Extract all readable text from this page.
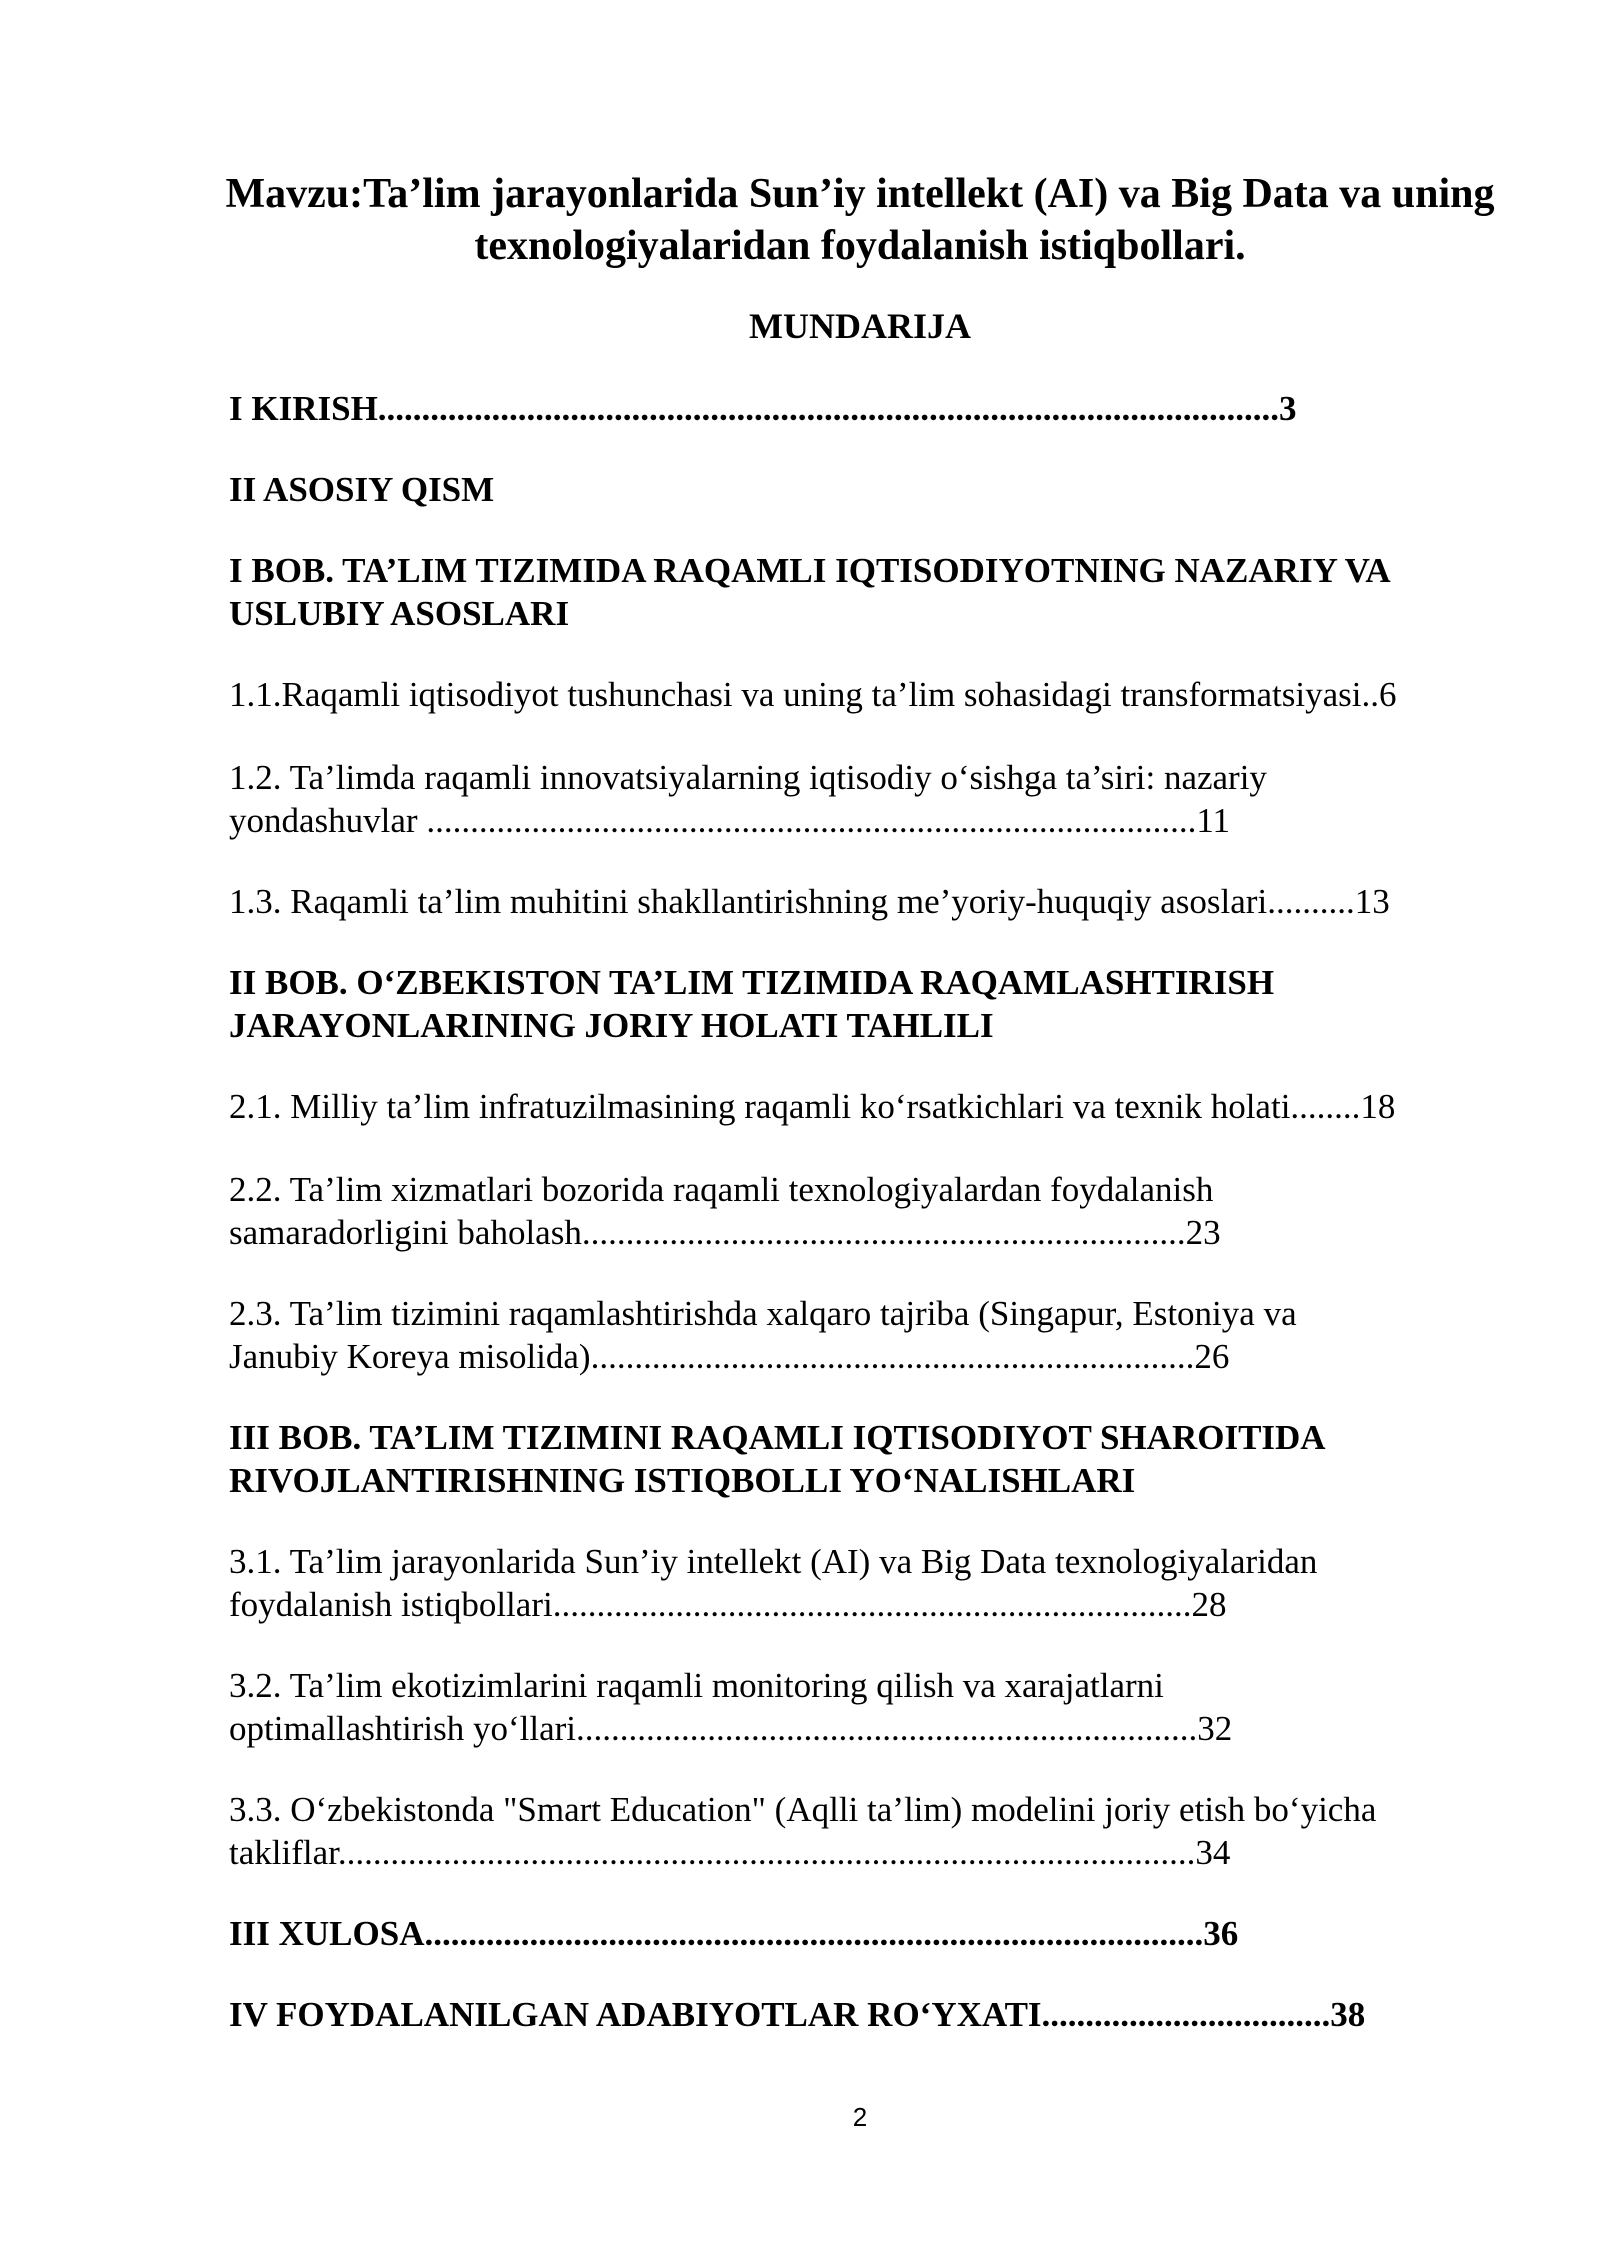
Mavzu:Ta’lim jarayonlarida Sun’iy intellekt (AI) va Big Data va uning texnologiyalaridan foydalanish istiqbollari.
MUNDARIJA

I KIRISH.......................................................................................................3

II ASOSIY QISM

I BOB. TA’LIM TIZIMIDA RAQAMLI IQTISODIYOTNING NAZARIY VA USLUBIY ASOSLARI

1.1.Raqamli iqtisodiyot tushunchasi va uning ta’lim sohasidagi transformatsiyasi..6

1.2. Ta’limda raqamli innovatsiyalarning iqtisodiy o‘sishga ta’siri: nazariy

yondashuvlar ........................................................................................11

1.3. Raqamli ta’lim muhitini shakllantirishning me’yoriy-huquqiy asoslari..........13

II BOB. O‘ZBEKISTON TA’LIM TIZIMIDA RAQAMLASHTIRISH JARAYONLARINING JORIY HOLATI TAHLILI

2.1. Milliy ta’lim infratuzilmasining raqamli ko‘rsatkichlari va texnik holati........18

2.2. Ta’lim xizmatlari bozorida raqamli texnologiyalardan foydalanish

samaradorligini baholash.....................................................................23

2.3. Ta’lim tizimini raqamlashtirishda xalqaro tajriba (Singapur, Estoniya va

Janubiy Koreya misolida).....................................................................26

III BOB. TA’LIM TIZIMINI RAQAMLI IQTISODIYOT SHAROITIDA RIVOJLANTIRISHNING ISTIQBOLLI YO‘NALISHLARI

3.1. Ta’lim jarayonlarida Sun’iy intellekt (AI) va Big Data texnologiyalaridan

foydalanish istiqbollari.........................................................................28

3.2. Ta’lim ekotizimlarini raqamli monitoring qilish va xarajatlarni

optimallashtirish yo‘llari.......................................................................32

3.3. O‘zbekistonda "Smart Education" (Aqlli ta’lim) modelini joriy etish bo‘yicha

takliflar..................................................................................................34

III XULOSA.........................................................................................36

IV FOYDALANILGAN ADABIYOTLAR RO‘YXATI.................................38

2
